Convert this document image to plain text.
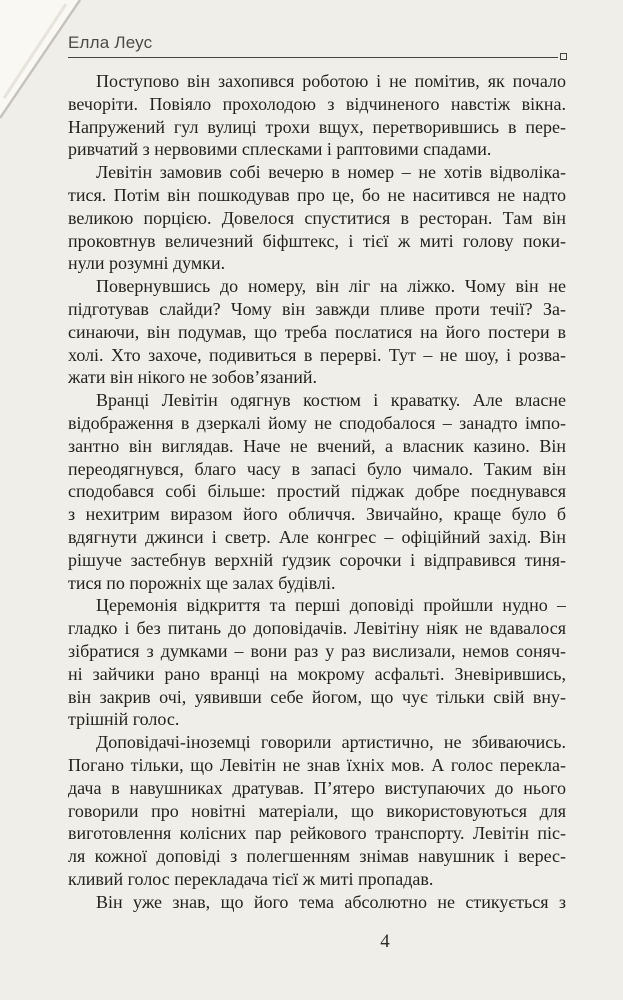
Елла Леус
Поступово він захопився роботою і не помітив, як почало
вечоріти. Повіяло прохолодою з відчиненого навстіж вікна.
Напружений гул вулиці трохи вщух, перетворившись в пере-
ривчатий з нервовими сплесками і раптовими спадами.
Левітін замовив собі вечерю в номер – не хотів відволіка-
тися. Потім він пошкодував про це, бо не наситився не надто
великою порцією. Довелося спуститися в ресторан. Там він
проковтнув величезний біфштекс, і тієї ж миті голову поки-
нули розумні думки.
Повернувшись до номеру, він ліг на ліжко. Чому він не
підготував слайди? Чому він завжди пливе проти течії? За-
синаючи, він подумав, що треба послатися на його постери в
холі. Хто захоче, подивиться в перерві. Тут – не шоу, і розва-
жати він нікого не зобов’язаний.
Вранці Левітін одягнув костюм і краватку. Але власне
відображення в дзеркалі йому не сподобалося – занадто імпо-
зантно він виглядав. Наче не вчений, а власник казино. Він
переодягнувся, благо часу в запасі було чимало. Таким він
сподобався собі більше: простий піджак добре поєднувався
з нехитрим виразом його обличчя. Звичайно, краще було б
вдягнути джинси і светр. Але конгрес – офіційний захід. Він
рішуче застебнув верхній ґудзик сорочки і відправився тиня-
тися по порожніх ще залах будівлі.
Церемонія відкриття та перші доповіді пройшли нудно –
гладко і без питань до доповідачів. Левітіну ніяк не вдавалося
зібратися з думками – вони раз у раз вислизали, немов соняч-
ні зайчики рано вранці на мокрому асфальті. Зневірившись,
він закрив очі, уявивши себе йогом, що чує тільки свій вну-
трішній голос.
Доповідачі-іноземці говорили артистично, не збиваючись.
Погано тільки, що Левітін не знав їхніх мов. А голос перекла-
дача в навушниках дратував. П’ятеро виступаючих до нього
говорили про новітні матеріали, що використовуються для
виготовлення колісних пар рейкового транспорту. Левітін піс-
ля кожної доповіді з полегшенням знімав навушник і верес-
кливий голос перекладача тієї ж миті пропадав.
Він уже знав, що його тема абсолютно не стикується з
4
